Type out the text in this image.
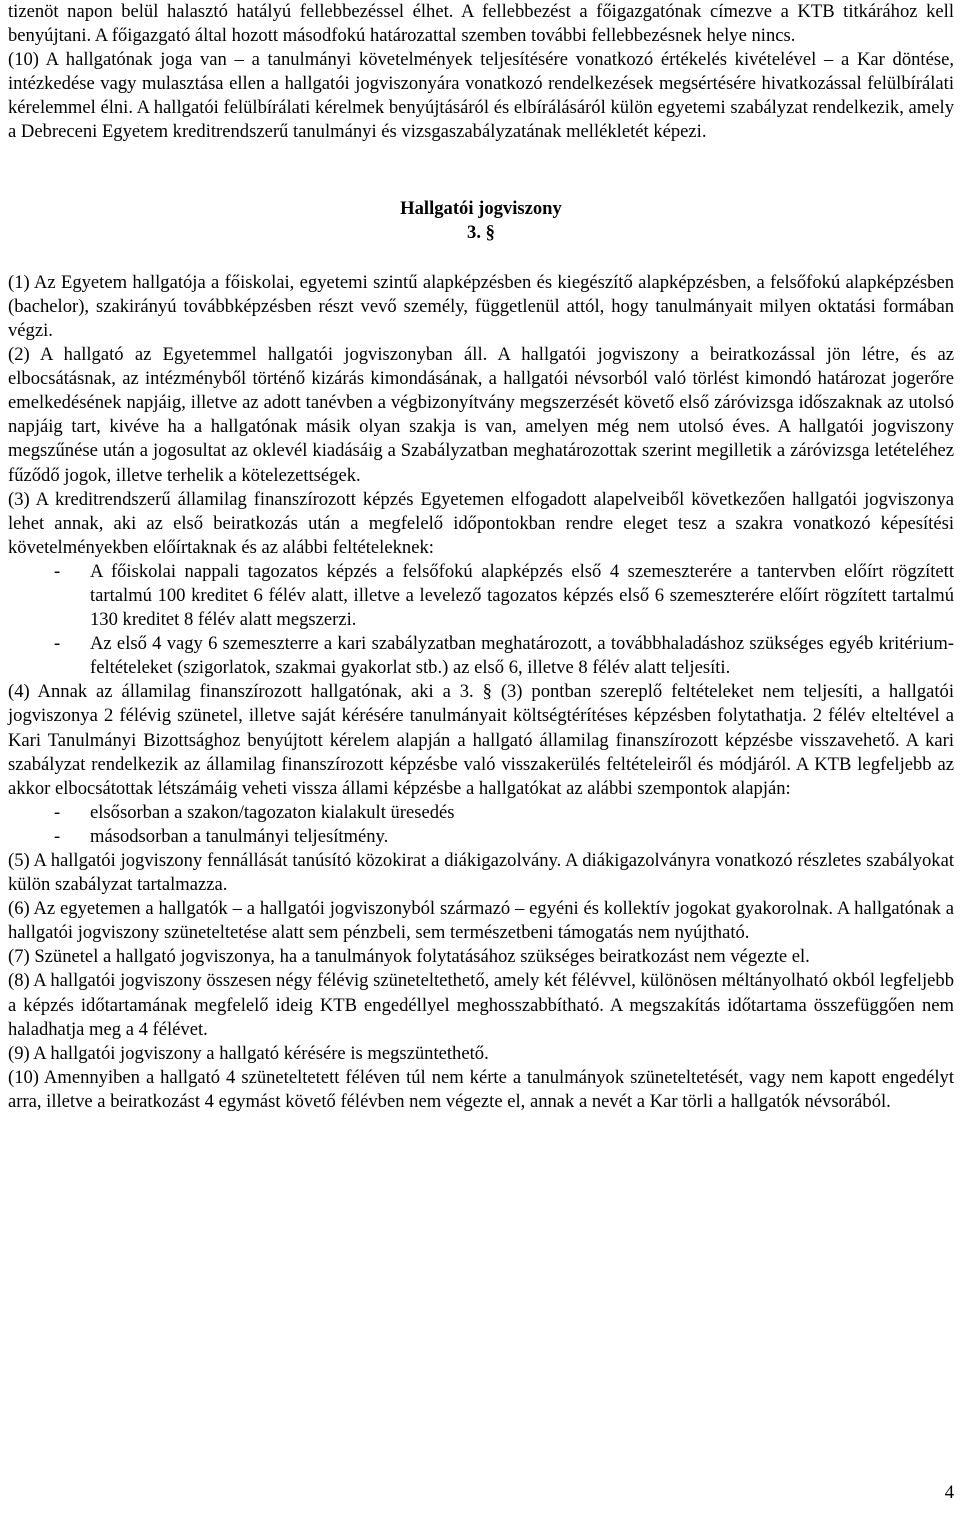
tizenöt napon belül halasztó hatályú fellebbezéssel élhet. A fellebbezést a főigazgatónak címezve a KTB titkárához kell benyújtani. A főigazgató által hozott másodfokú határozattal szemben további fellebbezésnek helye nincs.

(10) A hallgatónak joga van – a tanulmányi követelmények teljesítésére vonatkozó értékelés kivételével – a Kar döntése, intézkedése vagy mulasztása ellen a hallgatói jogviszonyára vonatkozó rendelkezések megsértésére hivatkozással felülbírálati kérelemmel élni. A hallgatói felülbírálati kérelmek benyújtásáról és elbírálásáról külön egyetemi szabályzat rendelkezik, amely a Debreceni Egyetem kreditrendszerű tanulmányi és vizsgaszabályzatának mellékletét képezi.

Hallgatói jogviszony
3. §

(1) Az Egyetem hallgatója a főiskolai, egyetemi szintű alapképzésben és kiegészítő alapképzésben, a felsőfokú alapképzésben (bachelor), szakirányú továbbképzésben részt vevő személy, függetlenül attól, hogy tanulmányait milyen oktatási formában végzi.

(2) A hallgató az Egyetemmel hallgatói jogviszonyban áll. A hallgatói jogviszony a beiratkozással jön létre, és az elbocsátásnak, az intézményből történő kizárás kimondásának, a hallgatói névsorból való törlést kimondó határozat jogerőre emelkedésének napjáig, illetve az adott tanévben a végbizonyítvány megszerzését követő első záróvizsga időszaknak az utolsó napjáig tart, kivéve ha a hallgatónak másik olyan szakja is van, amelyen még nem utolsó éves. A hallgatói jogviszony megszűnése után a jogosultat az oklevél kiadásáig a Szabályzatban meghatározottak szerint megilletik a záróvizsga letételéhez fűződő jogok, illetve terhelik a kötelezettségek.

(3) A kreditrendszerű államilag finanszírozott képzés Egyetemen elfogadott alapelveiből következően hallgatói jogviszonya lehet annak, aki az első beiratkozás után a megfelelő időpontokban rendre eleget tesz a szakra vonatkozó képesítési követelményekben előírtaknak és az alábbi feltételeknek:

- A főiskolai nappali tagozatos képzés a felsőfokú alapképzés első 4 szemeszterére a tantervben előírt rögzített tartalmú 100 kreditet 6 félév alatt, illetve a levelező tagozatos képzés első 6 szemeszterére előírt rögzített tartalmú 130 kreditet 8 félév alatt megszerzi.
- Az első 4 vagy 6 szemeszterre a kari szabályzatban meghatározott, a továbbhaladáshoz szükséges egyéb kritérium-feltételeket (szigorlatok, szakmai gyakorlat stb.) az első 6, illetve 8 félév alatt teljesíti.

(4) Annak az államilag finanszírozott hallgatónak, aki a 3. § (3) pontban szereplő feltételeket nem teljesíti, a hallgatói jogviszonya 2 félévig szünetel, illetve saját kérésére tanulmányait költségtérítéses képzésben folytathatja. 2 félév elteltével a Kari Tanulmányi Bizottsághoz benyújtott kérelem alapján a hallgató államilag finanszírozott képzésbe visszavehető. A kari szabályzat rendelkezik az államilag finanszírozott képzésbe való visszakerülés feltételeiről és módjáról. A KTB legfeljebb az akkor elbocsátottak létszámáig veheti vissza állami képzésbe a hallgatókat az alábbi szempontok alapján:

- elsősorban a szakon/tagozaton kialakult üresedés
- másodsorban a tanulmányi teljesítmény.

(5) A hallgatói jogviszony fennállását tanúsító közokirat a diákigazolvány. A diákigazolványra vonatkozó részletes szabályokat külön szabályzat tartalmazza.

(6) Az egyetemen a hallgatók – a hallgatói jogviszonyból származó – egyéni és kollektív jogokat gyakorolnak. A hallgatónak a hallgatói jogviszony szüneteltetése alatt sem pénzbeli, sem természetbeni támogatás nem nyújtható.

(7) Szünetel a hallgató jogviszonya, ha a tanulmányok folytatásához szükséges beiratkozást nem végezte el.

(8) A hallgatói jogviszony összesen négy félévig szüneteltethető, amely két félévvel, különösen méltányolható okból legfeljebb a képzés időtartamának megfelelő ideig KTB engedéllyel meghosszabbítható. A megszakítás időtartama összefüggően nem haladhatja meg a 4 félévet.

(9) A hallgatói jogviszony a hallgató kérésére is megszüntethető.

(10) Amennyiben a hallgató 4 szüneteltetett féléven túl nem kérte a tanulmányok szüneteltetését, vagy nem kapott engedélyt arra, illetve a beiratkozást 4 egymást követő félévben nem végezte el, annak a nevét a Kar törli a hallgatók névsorából.

4
